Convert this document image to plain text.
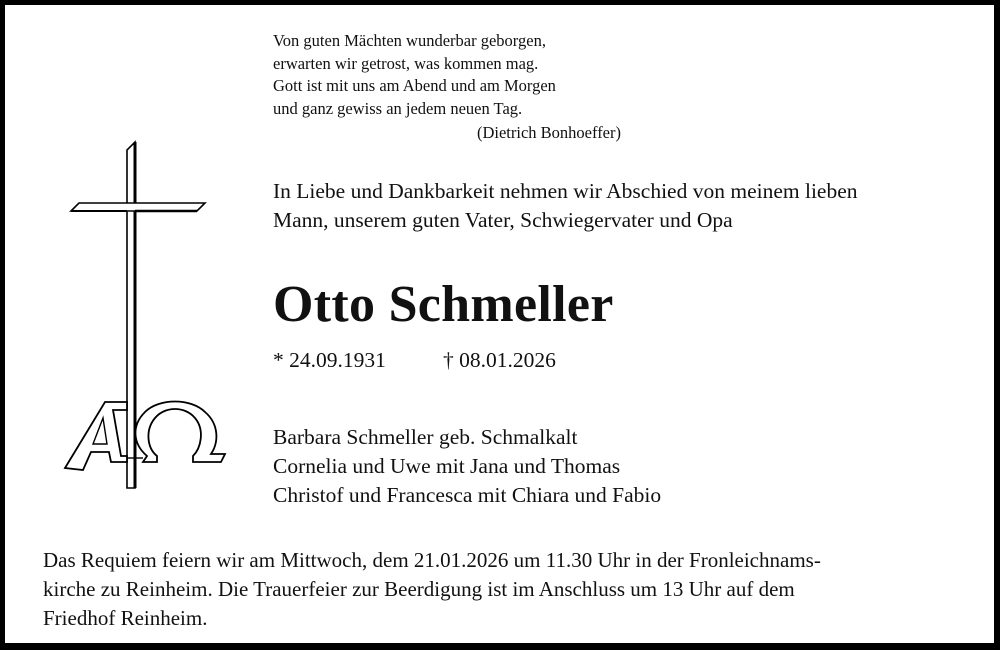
Von guten Mächten wunderbar geborgen,
erwarten wir getrost, was kommen mag.
Gott ist mit uns am Abend und am Morgen
und ganz gewiss an jedem neuen Tag.
(Dietrich Bonhoeffer)
In Liebe und Dankbarkeit nehmen wir Abschied von meinem lieben
Mann, unserem guten Vater, Schwiegervater und Opa
Otto Schmeller
* 24.09.1931	† 08.01.2026
Barbara Schmeller geb. Schmalkalt
Cornelia und Uwe mit Jana und Thomas
Christof und Francesca mit Chiara und Fabio
Das Requiem feiern wir am Mittwoch, dem 21.01.2026 um 11.30 Uhr in der Fronleichnams-
kirche zu Reinheim. Die Trauerfeier zur Beerdigung ist im Anschluss um 13 Uhr auf dem
Friedhof Reinheim.
